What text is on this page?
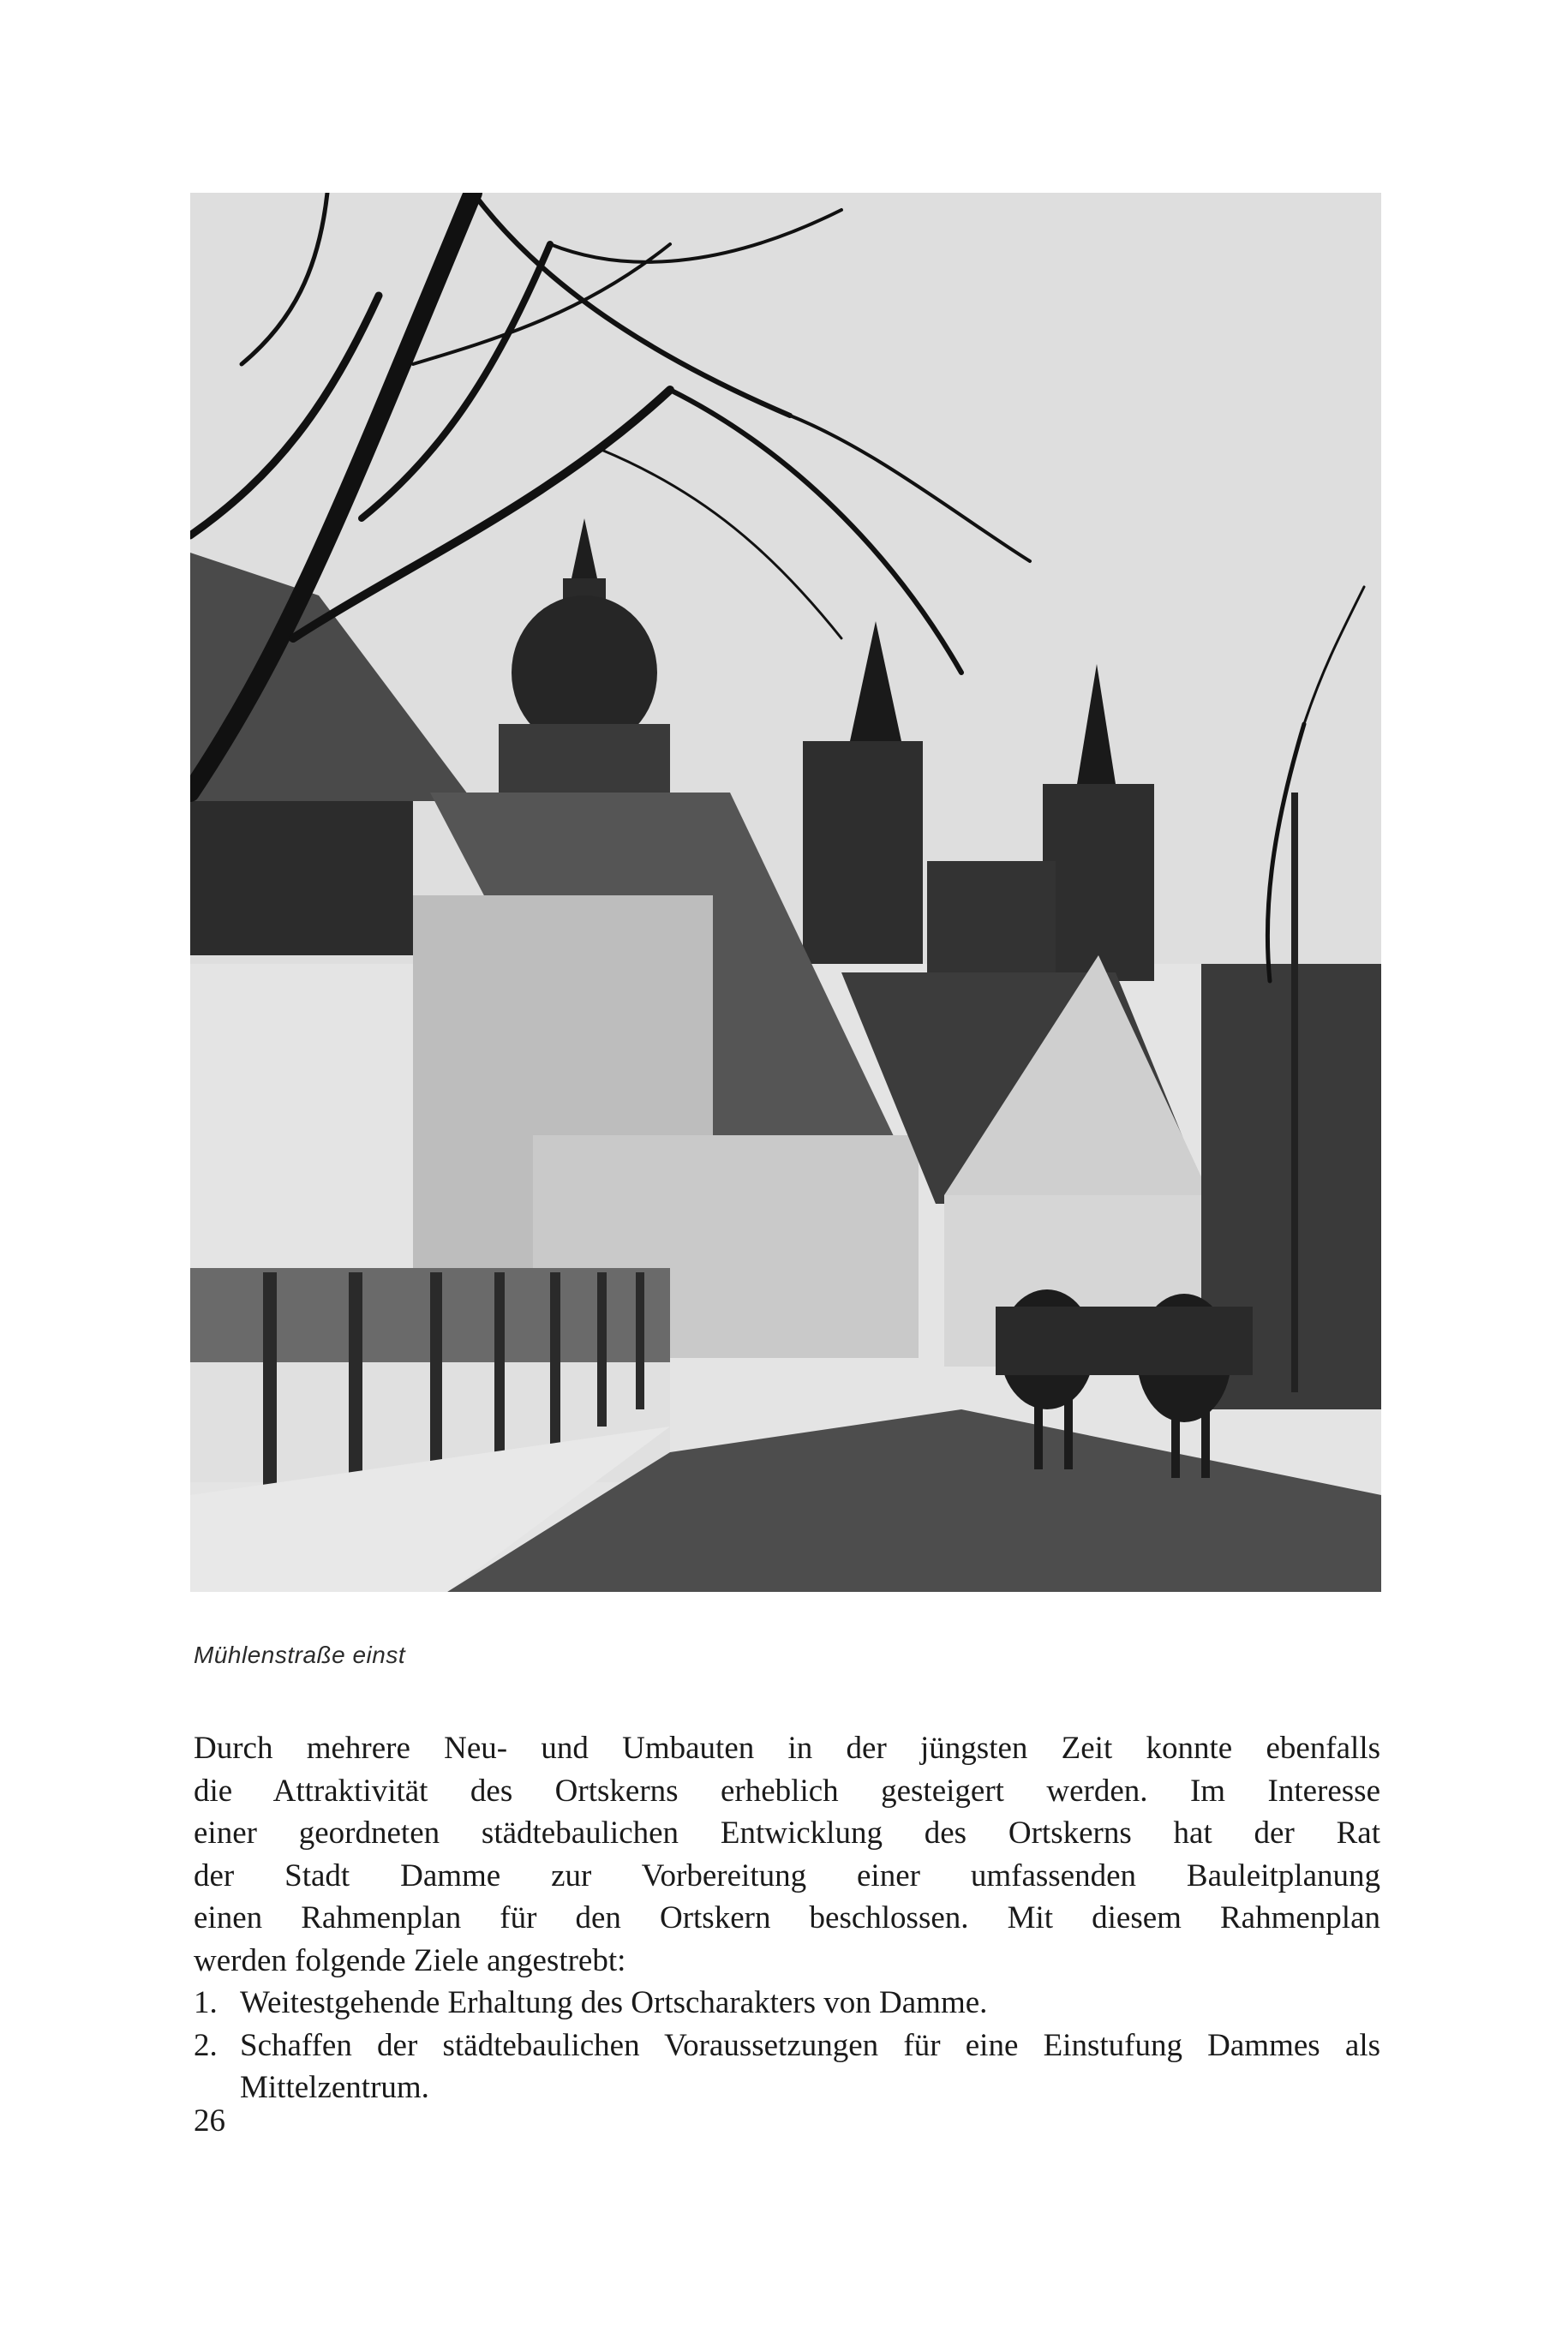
Mühlenstraße einst
Durch mehrere Neu- und Umbauten in der jüngsten Zeit konnte ebenfalls
die Attraktivität des Ortskerns erheblich gesteigert werden. Im Interesse
einer geordneten städtebaulichen Entwicklung des Ortskerns hat der Rat
der Stadt Damme zur Vorbereitung einer umfassenden Bauleitplanung
einen Rahmenplan für den Ortskern beschlossen. Mit diesem Rahmenplan
werden folgende Ziele angestrebt:
1. Weitestgehende Erhaltung des Ortscharakters von Damme.
2. Schaffen der städtebaulichen Voraussetzungen für eine Einstufung Dammes als Mittelzentrum.
26
